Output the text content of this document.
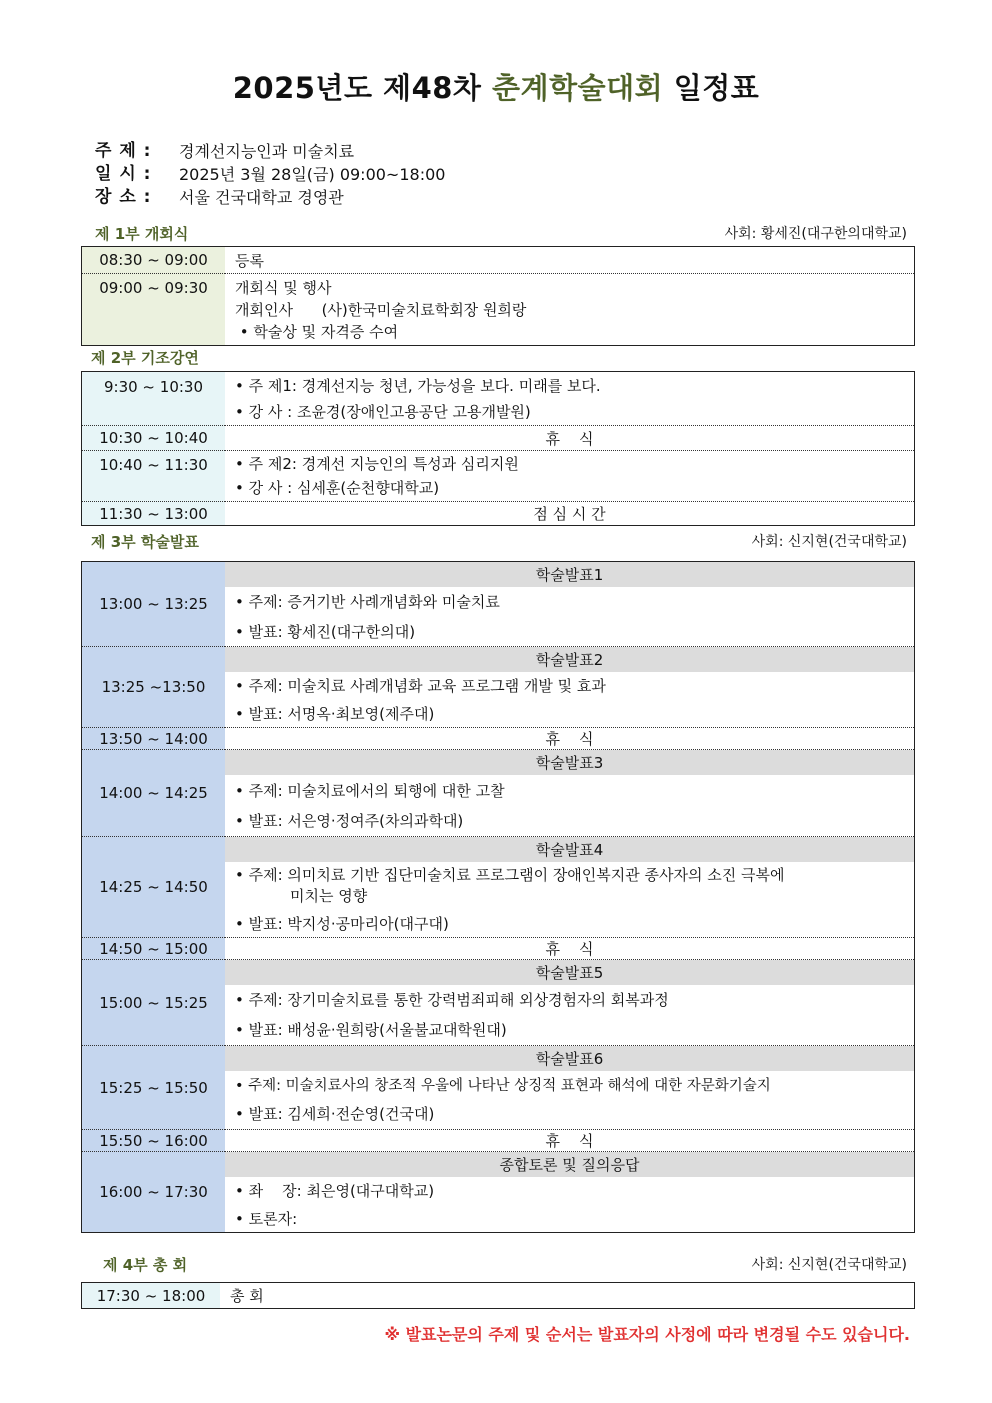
2025년도 제48차 춘계학술대회 일정표
주 제 :	경계선지능인과 미술치료
일 시 :	2025년 3월 28일(금) 09:00~18:00
장 소 :	서울 건국대학교 경영관
제 1부 개회식	사회: 황세진(대구한의대학교)
08:30 ~ 09:00	등록
09:00 ~ 09:30	개회식 및 행사
개회인사      (사)한국미술치료학회장 원희랑
• 학술상 및 자격증 수여
제 2부 기조강연
9:30 ~ 10:30	• 주 제1: 경계선지능 청년, 가능성을 보다. 미래를 보다.
• 강 사 : 조윤경(장애인고용공단 고용개발원)

10:30 ~ 10:40	휴    식
10:40 ~ 11:30	• 주 제2: 경계선 지능인의 특성과 심리지원
• 강 사 : 심세훈(순천향대학교)

11:30 ~ 13:00	점 심 시 간
제 3부 학술발표	사회: 신지현(건국대학교)
13:00 ~ 13:25	학술발표1
	• 주제: 증거기반 사례개념화와 미술치료
	• 발표: 황세진(대구한의대)
13:25 ~13:50	학술발표2
	• 주제: 미술치료 사례개념화 교육 프로그램 개발 및 효과
	• 발표: 서명옥·최보영(제주대)
13:50 ~ 14:00	휴    식
14:00 ~ 14:25	학술발표3
	• 주제: 미술치료에서의 퇴행에 대한 고찰
	• 발표: 서은영·정여주(차의과학대)
14:25 ~ 14:50	학술발표4

	• 주제: 의미치료 기반 집단미술치료 프로그램이 장애인복지관 종사자의 소진 극복에
미치는 영향

	• 발표: 박지성·공마리아(대구대)
14:50 ~ 15:00	휴    식
15:00 ~ 15:25	학술발표5
	• 주제: 장기미술치료를 통한 강력범죄피해 외상경험자의 회복과정
	• 발표: 배성윤·원희랑(서울불교대학원대)
15:25 ~ 15:50	학술발표6
	• 주제: 미술치료사의 창조적 우울에 나타난 상징적 표현과 해석에 대한 자문화기술지
	• 발표: 김세희·전순영(건국대)
15:50 ~ 16:00	휴    식
16:00 ~ 17:30	종합토론 및 질의응답
	• 좌    장: 최은영(대구대학교)
	• 토론자:
제 4부 총 회	사회: 신지현(건국대학교)
17:30 ~ 18:00	총 회
※ 발표논문의 주제 및 순서는 발표자의 사정에 따라 변경될 수도 있습니다.
